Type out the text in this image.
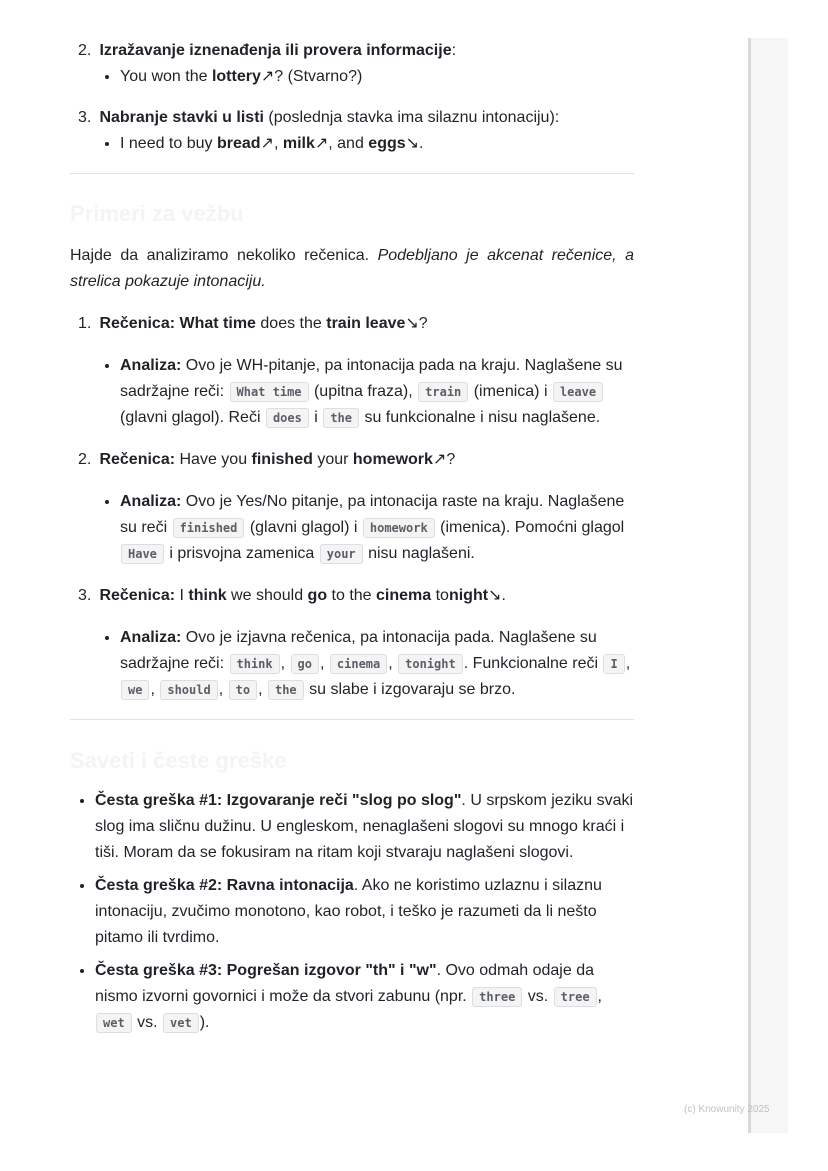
2. Izražavanje iznenađenja ili provera informacije:
• You won the lottery↗? (Stvarno?)
3. Nabranje stavki u listi (poslednja stavka ima silaznu intonaciju):
• I need to buy bread↗, milk↗, and eggs↘.
Primeri za vežbu

Hajde da analiziramo nekoliko rečenica. Podebljano je akcenat rečenice, a strelica pokazuje intonaciju.

1. Rečenica: What time does the train leave↘?
• Analiza: Ovo je WH-pitanje, pa intonacija pada na kraju. Naglašene su sadržajne reči: What time (upitna fraza), train (imenica) i leave (glavni glagol). Reči does i the su funkcionalne i nisu naglašene.
2. Rečenica: Have you finished your homework↗?
• Analiza: Ovo je Yes/No pitanje, pa intonacija raste na kraju. Naglašene su reči finished (glavni glagol) i homework (imenica). Pomoćni glagol Have i prisvojna zamenica your nisu naglašeni.
3. Rečenica: I think we should go to the cinema tonight↘.
• Analiza: Ovo je izjavna rečenica, pa intonacija pada. Naglašene su sadržajne reči: think , go , cinema , tonight . Funkcionalne reči I , we , should , to , the su slabe i izgovaraju se brzo.
Saveti i česte greške
• Česta greška #1: Izgovaranje reči "slog po slog". U srpskom jeziku svaki slog ima sličnu dužinu. U engleskom, nenaglašeni slogovi su mnogo kraći i tiši. Moram da se fokusiram na ritam koji stvaraju naglašeni slogovi.
• Česta greška #2: Ravna intonacija. Ako ne koristimo uzlaznu i silaznu intonaciju, zvučimo monotono, kao robot, i teško je razumeti da li nešto pitamo ili tvrdimo.
• Česta greška #3: Pogrešan izgovor "th" i "w". Ovo odmah odaje da nismo izvorni govornici i može da stvori zabunu (npr. three vs. tree , wet vs. vet ).
(c) Knowunity 2025
